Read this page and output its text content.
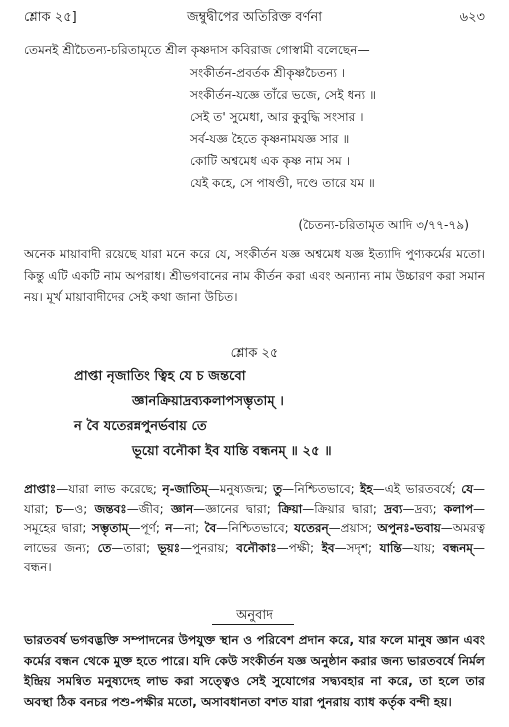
শ্লোক ২৫]	জম্বুদ্বীপের অতিরিক্ত বর্ণনা	৬২৩
তেমনই শ্রীচৈতন্য-চরিতামৃতে শ্রীল কৃষ্ণদাস কবিরাজ গোস্বামী বলেছেন—
সংকীর্তন-প্রবর্তক শ্রীকৃষ্ণচৈতন্য ।
সংকীর্তন-যজ্ঞে তাঁরে ভজে, সেই ধন্য ॥
সেই ত' সুমেধা, আর কুবুদ্ধি সংসার ।
সর্ব-যজ্ঞ হৈতে কৃষ্ণনামযজ্ঞ সার ॥
কোটি অশ্বমেধ এক কৃষ্ণ নাম সম ।
যেই কহে, সে পাষণ্ডী, দণ্ডে তারে যম ॥
(চৈতন্য-চরিতামৃত আদি ৩/৭৭-৭৯)
অনেক মায়াবাদী রয়েছে যারা মনে করে যে, সংকীর্তন যজ্ঞ অশ্বমেধ যজ্ঞ ইত্যাদি পুণ্যকর্মের মতো। কিন্তু এটি একটি নাম অপরাধ। শ্রীভগবানের নাম কীর্তন করা এবং অন্যান্য নাম উচ্চারণ করা সমান নয়। মূর্খ মায়াবাদীদের সেই কথা জানা উচিত।
শ্লোক ২৫
প্রাপ্তা নৃজাতিং ত্বিহ যে চ জন্তবো
জ্ঞানক্রিয়াদ্রব্যকলাপসম্ভৃতাম্ ।
ন বৈ যতেরন্নপুনর্ভবায় তে
ভূয়ো বনৌকা ইব যান্তি বন্ধনম্ ॥ ২৫ ॥
প্রাপ্তাঃ—যারা লাভ করেছে; নৃ-জাতিম্—মনুষ্যজন্ম; তু—নিশ্চিতভাবে; ইহ—এই ভারতবর্ষে; যে—যারা; চ—ও; জন্তবঃ—জীব; জ্ঞান—জ্ঞানের দ্বারা; ক্রিয়া—ক্রিয়ার দ্বারা; দ্রব্য—দ্রব্য; কলাপ—সমূহের দ্বারা; সম্ভৃতাম্—পূর্ণ; ন—না; বৈ—নিশ্চিতভাবে; যতেরন্—প্রয়াস; অপুনঃ-ভবায়—অমরত্ব লাভের জন্য; তে—তারা; ভূয়ঃ—পুনরায়; বনৌকাঃ—পক্ষী; ইব—সদৃশ; যান্তি—যায়; বন্ধনম্—বন্ধন।
অনুবাদ
ভারতবর্ষ ভগবদ্ভক্তি সম্পাদনের উপযুক্ত স্থান ও পরিবেশ প্রদান করে, যার ফলে মানুষ জ্ঞান এবং কর্মের বন্ধন থেকে মুক্ত হতে পারে। যদি কেউ সংকীর্তন যজ্ঞ অনুষ্ঠান করার জন্য ভারতবর্ষে নির্মল ইন্দ্রিয় সমন্বিত মনুষ্যদেহ লাভ করা সত্ত্বেও সেই সুযোগের সদ্ব্যবহার না করে, তা হলে তার অবস্থা ঠিক বনচর পশু-পক্ষীর মতো, অসাবধানতা বশত যারা পুনরায় ব্যাধ কর্তৃক বন্দী হয়।
